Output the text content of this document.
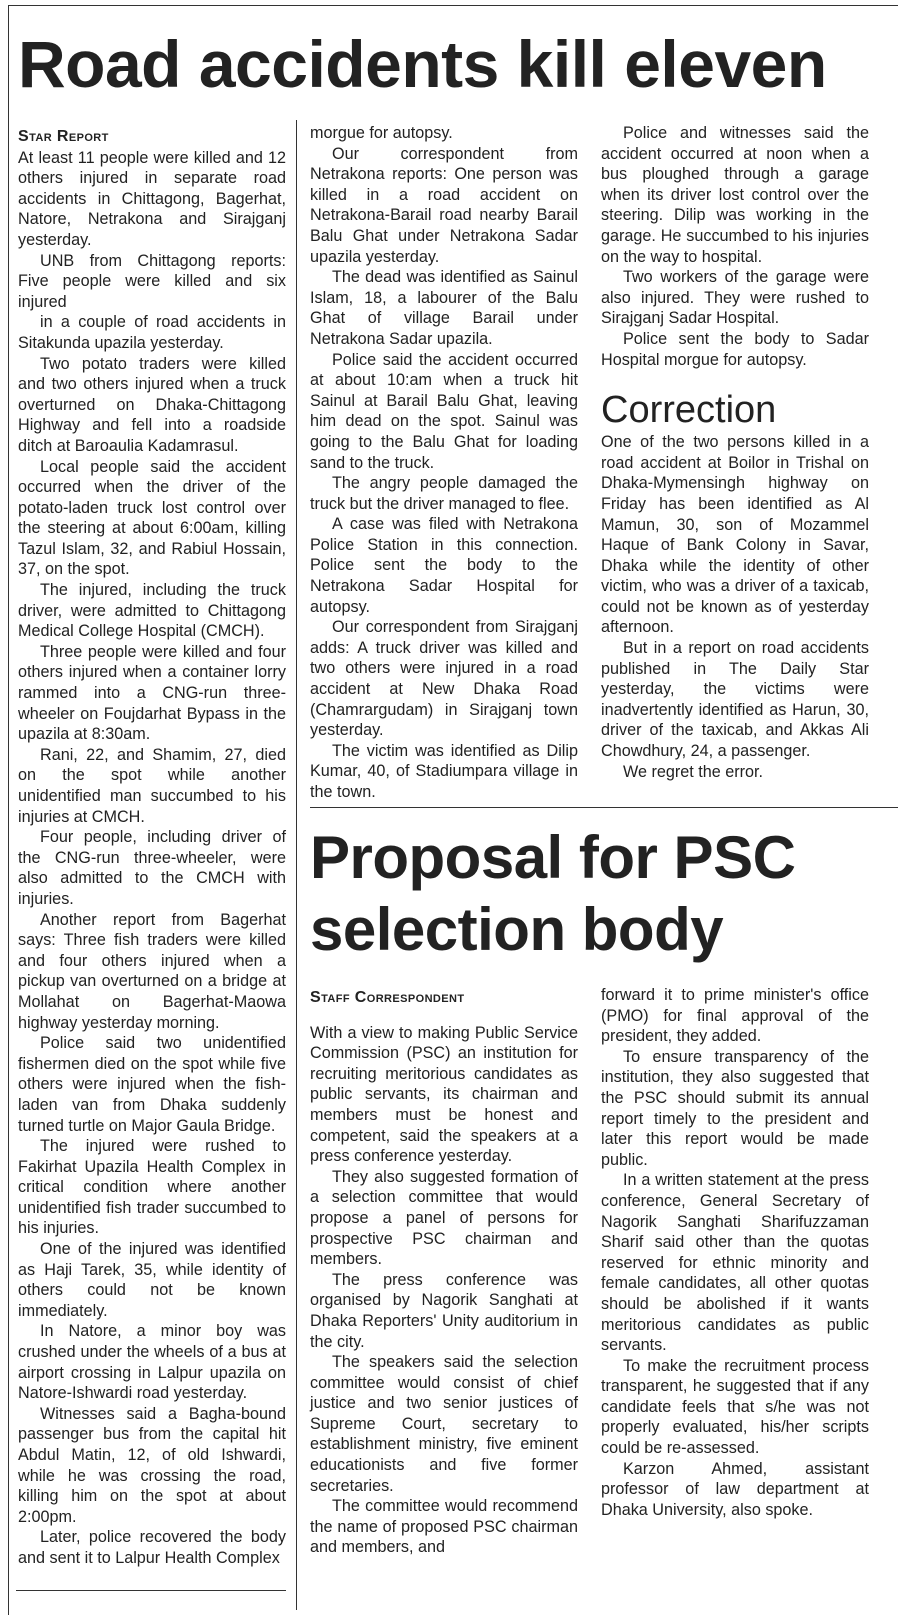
Road accidents kill eleven

Star Report

At least 11 people were killed and 12 others injured in separate road accidents in Chittagong, Bagerhat, Natore, Netrakona and Sirajganj yesterday.

UNB from Chittagong reports: Five people were killed and six injured

in a couple of road accidents in Sitakunda upazila yesterday.

Two potato traders were killed and two others injured when a truck overturned on Dhaka-Chittagong Highway and fell into a roadside ditch at Baroaulia Kadamrasul.

Local people said the accident occurred when the driver of the potato-laden truck lost control over the steering at about 6:00am, killing Tazul Islam, 32, and Rabiul Hossain, 37, on the spot.

The injured, including the truck driver, were admitted to Chittagong Medical College Hospital (CMCH).

Three people were killed and four others injured when a container lorry rammed into a CNG-run three-wheeler on Foujdarhat Bypass in the upazila at 8:30am.

Rani, 22, and Shamim, 27, died on the spot while another unidentified man succumbed to his injuries at CMCH.

Four people, including driver of the CNG-run three-wheeler, were also admitted to the CMCH with injuries.

Another report from Bagerhat says: Three fish traders were killed and four others injured when a pickup van overturned on a bridge at Mollahat on Bagerhat-Maowa highway yesterday morning.

Police said two unidentified fishermen died on the spot while five others were injured when the fish-laden van from Dhaka suddenly turned turtle on Major Gaula Bridge.

The injured were rushed to Fakirhat Upazila Health Complex in critical condition where another unidentified fish trader succumbed to his injuries.

One of the injured was identified as Haji Tarek, 35, while identity of others could not be known immediately.

In Natore, a minor boy was crushed under the wheels of a bus at airport crossing in Lalpur upazila on Natore-Ishwardi road yesterday.

Witnesses said a Bagha-bound passenger bus from the capital hit Abdul Matin, 12, of old Ishwardi, while he was crossing the road, killing him on the spot at about 2:00pm.

Later, police recovered the body and sent it to Lalpur Health Complex

morgue for autopsy.

Our correspondent from Netrakona reports: One person was killed in a road accident on Netrakona-Barail road nearby Barail Balu Ghat under Netrakona Sadar upazila yesterday.

The dead was identified as Sainul Islam, 18, a labourer of the Balu Ghat of village Barail under Netrakona Sadar upazila.

Police said the accident occurred at about 10:am when a truck hit Sainul at Barail Balu Ghat, leaving him dead on the spot. Sainul was going to the Balu Ghat for loading sand to the truck.

The angry people damaged the truck but the driver managed to flee.

A case was filed with Netrakona Police Station in this connection. Police sent the body to the Netrakona Sadar Hospital for autopsy.

Our correspondent from Sirajganj adds: A truck driver was killed and two others were injured in a road accident at New Dhaka Road (Chamrargudam) in Sirajganj town yesterday.

The victim was identified as Dilip Kumar, 40, of Stadiumpara village in the town.

Police and witnesses said the accident occurred at noon when a bus ploughed through a garage when its driver lost control over the steering. Dilip was working in the garage. He succumbed to his injuries on the way to hospital.

Two workers of the garage were also injured. They were rushed to Sirajganj Sadar Hospital.

Police sent the body to Sadar Hospital morgue for autopsy.

Correction

One of the two persons killed in a road accident at Boilor in Trishal on Dhaka-Mymensingh highway on Friday has been identified as Al Mamun, 30, son of Mozammel Haque of Bank Colony in Savar, Dhaka while the identity of other victim, who was a driver of a taxicab, could not be known as of yesterday afternoon.

But in a report on road accidents published in The Daily Star yesterday, the victims were inadvertently identified as Harun, 30, driver of the taxicab, and Akkas Ali Chowdhury, 24, a passenger.

We regret the error.

Proposal for PSC
selection body

Staff Correspondent

With a view to making Public Service Commission (PSC) an institution for recruiting meritorious candidates as public servants, its chairman and members must be honest and competent, said the speakers at a press conference yesterday.

They also suggested formation of a selection committee that would propose a panel of persons for prospective PSC chairman and members.

The press conference was organised by Nagorik Sanghati at Dhaka Reporters' Unity auditorium in the city.

The speakers said the selection committee would consist of chief justice and two senior justices of Supreme Court, secretary to establishment ministry, five eminent educationists and five former secretaries.

The committee would recommend the name of proposed PSC chairman and members, and

forward it to prime minister's office (PMO) for final approval of the president, they added.

To ensure transparency of the institution, they also suggested that the PSC should submit its annual report timely to the president and later this report would be made public.

In a written statement at the press conference, General Secretary of Nagorik Sanghati Sharifuzzaman Sharif said other than the quotas reserved for ethnic minority and female candidates, all other quotas should be abolished if it wants meritorious candidates as public servants.

To make the recruitment process transparent, he suggested that if any candidate feels that s/he was not properly evaluated, his/her scripts could be re-assessed.

Karzon Ahmed, assistant professor of law department at Dhaka University, also spoke.
